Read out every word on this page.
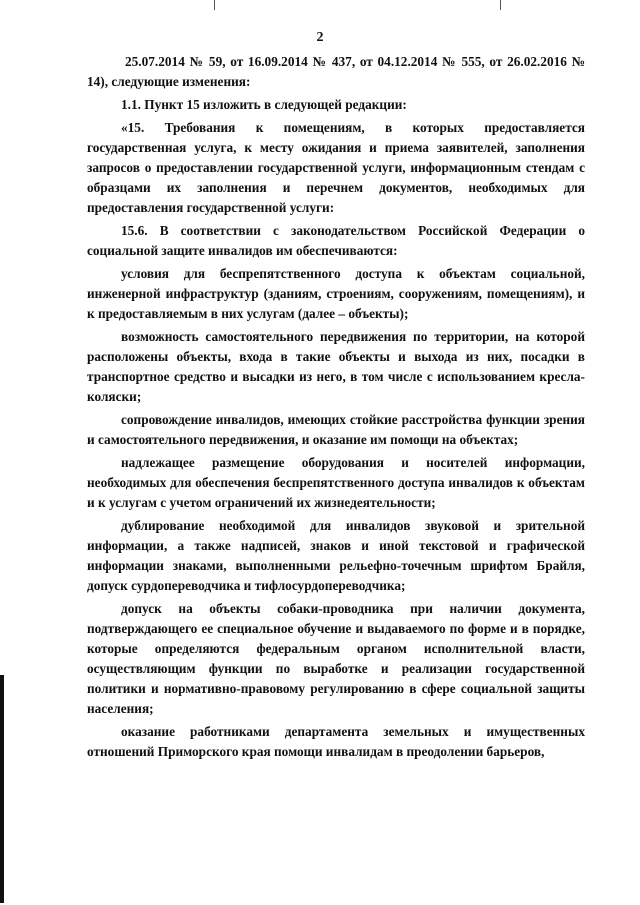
2

25.07.2014 № 59, от 16.09.2014 № 437, от 04.12.2014 № 555, от 26.02.2016 № 14), следующие изменения:

1.1. Пункт 15 изложить в следующей редакции:

«15. Требования к помещениям, в которых предоставляется государственная услуга, к месту ожидания и приема заявителей, заполнения запросов о предоставлении государственной услуги, информационным стендам с образцами их заполнения и перечнем документов, необходимых для предоставления государственной услуги:

15.6. В соответствии с законодательством Российской Федерации о социальной защите инвалидов им обеспечиваются:

условия для беспрепятственного доступа к объектам социальной, инженерной инфраструктур (зданиям, строениям, сооружениям, помещениям), и к предоставляемым в них услугам (далее – объекты);

возможность самостоятельного передвижения по территории, на которой расположены объекты, входа в такие объекты и выхода из них, посадки в транспортное средство и высадки из него, в том числе с использованием кресла-коляски;

сопровождение инвалидов, имеющих стойкие расстройства функции зрения и самостоятельного передвижения, и оказание им помощи на объектах;

надлежащее размещение оборудования и носителей информации, необходимых для обеспечения беспрепятственного доступа инвалидов к объектам и к услугам с учетом ограничений их жизнедеятельности;

дублирование необходимой для инвалидов звуковой и зрительной информации, а также надписей, знаков и иной текстовой и графической информации знаками, выполненными рельефно-точечным шрифтом Брайля, допуск сурдопереводчика и тифлосурдопереводчика;

допуск на объекты собаки-проводника при наличии документа, подтверждающего ее специальное обучение и выдаваемого по форме и в порядке, которые определяются федеральным органом исполнительной власти, осуществляющим функции по выработке и реализации государственной политики и нормативно-правовому регулированию в сфере социальной защиты населения;

оказание работниками департамента земельных и имущественных отношений Приморского края помощи инвалидам в преодолении барьеров,
